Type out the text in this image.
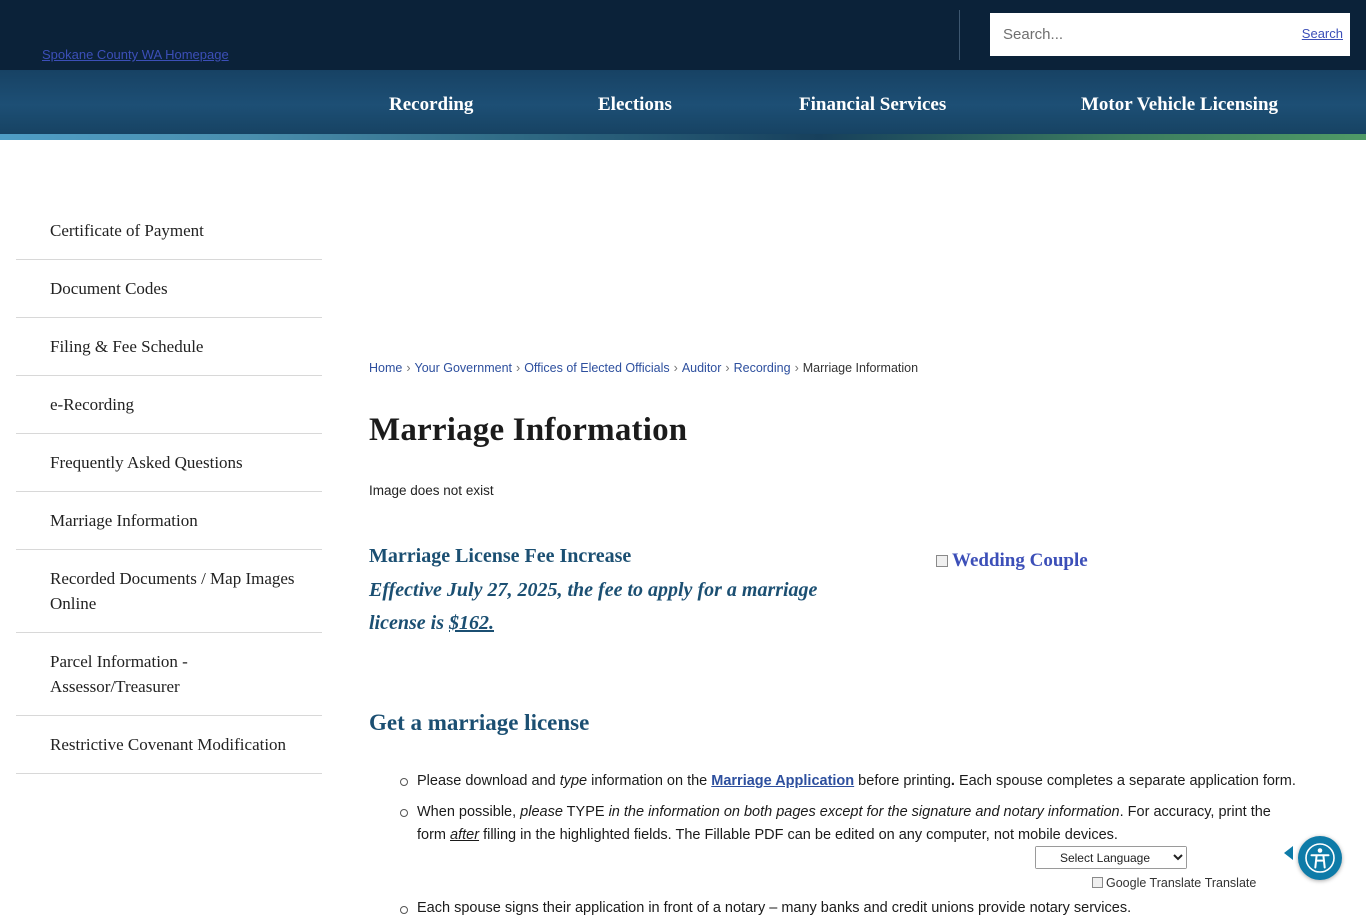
Spokane County WA Homepage
Search...
Search
Recording	Elections	Financial Services	Motor Vehicle Licensing
Certificate of Payment
Document Codes
Filing & Fee Schedule
e-Recording
Frequently Asked Questions
Marriage Information
Recorded Documents / Map Images Online
Parcel Information - Assessor/Treasurer
Restrictive Covenant Modification
Home › Your Government › Offices of Elected Officials › Auditor › Recording › Marriage Information
Marriage Information
Image does not exist

Marriage License Fee Increase

Effective July 27, 2025, the fee to apply for a marriage
license is $162.

Get a marriage license
Please download and type information on the Marriage Application before printing. Each spouse completes a separate application form.
When possible, please TYPE in the information on both pages except for the signature and notary information. For accuracy, print the form after filling in the highlighted fields. The Fillable PDF can be edited on any computer, not mobile devices.
Wedding Couple
Each spouse signs their application in front of a notary – many banks and credit unions provide notary services.
Select Language
Google Translate Translate
